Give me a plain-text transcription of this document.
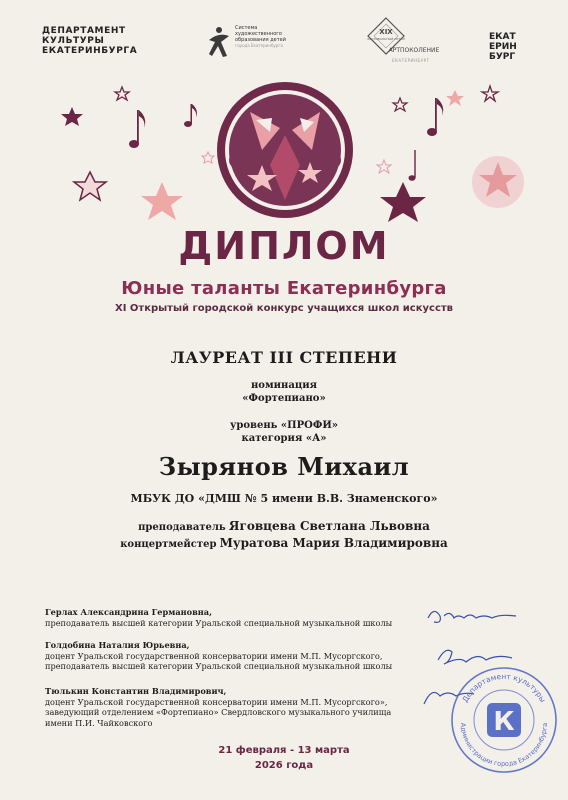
ДЕПАРТАМЕНТ
КУЛЬТУРЫ
ЕКАТЕРИНБУРГА
Система
художественного
образования детей
города Екатеринбурга
XIX
ФЕСТИВАЛЬНЫЙ СЕЗОН
АРТПОКОЛЕНИЕ
ЕКАТЕРИНБУРГ
ЕКАТ
ЕРИН
БУРГ
ДИПЛОМ
Юные таланты Екатеринбурга
XI Открытый городской конкурс учащихся школ искусств
ЛАУРЕАТ III СТЕПЕНИ
номинация
«Фортепиано»
уровень «ПРОФИ»
категория «А»
Зырянов Михаил
МБУК ДО «ДМШ № 5 имени В.В. Знаменского»
преподаватель Яговцева Светлана Львовна
концертмейстер Муратова Мария Владимировна
Герлах Александрина Германовна,
преподаватель высшей категории Уральской специальной музыкальной школы
Голдобина Наталия Юрьевна,
доцент Уральской государственной консерватории имени М.П. Мусоргского,
преподаватель высшей категории Уральской специальной музыкальной школы
Тюлькин Константин Владимирович,
доцент Уральской государственной консерватории имени М.П. Мусоргского»,
заведующий отделением «Фортепиано» Свердловского музыкального училища
имени П.И. Чайковского
Департамент культуры
Администрации города Екатеринбурга
К
21 февраля - 13 марта
2026 года
